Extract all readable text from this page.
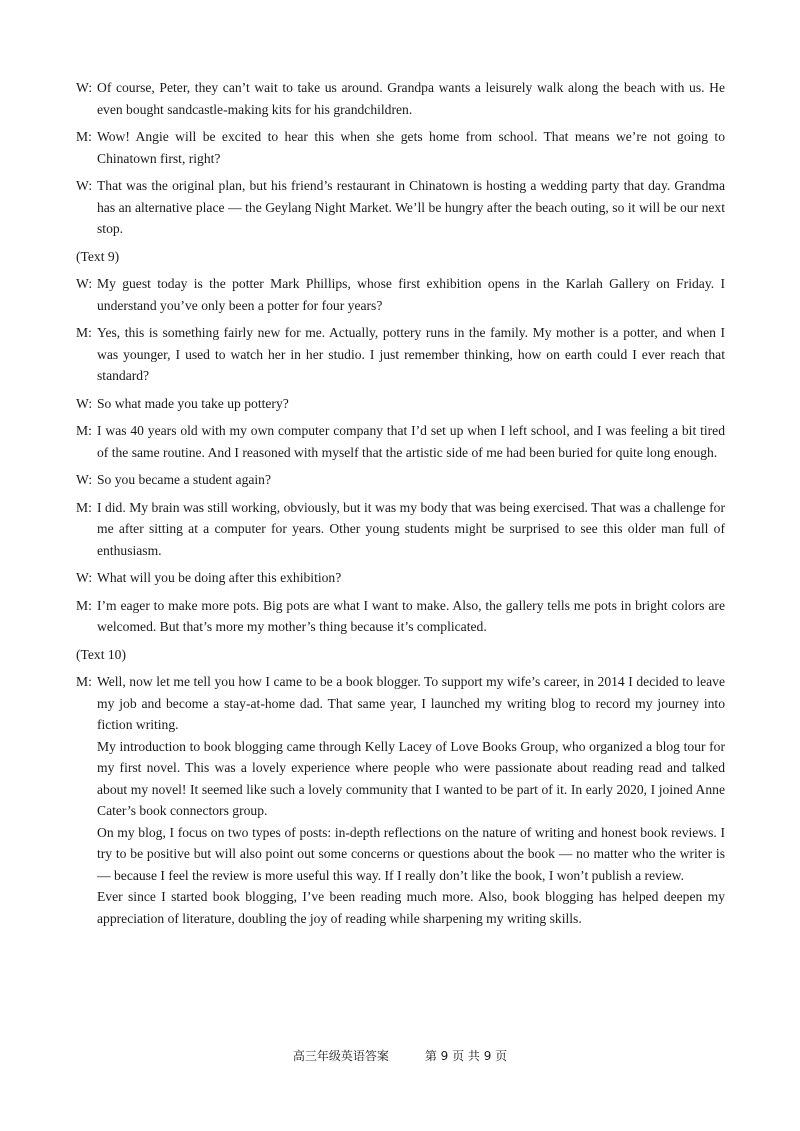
W: Of course, Peter, they can’t wait to take us around. Grandpa wants a leisurely walk along the beach with us. He even bought sandcastle-making kits for his grandchildren.
M: Wow! Angie will be excited to hear this when she gets home from school. That means we’re not going to Chinatown first, right?
W: That was the original plan, but his friend’s restaurant in Chinatown is hosting a wedding party that day. Grandma has an alternative place — the Geylang Night Market. We’ll be hungry after the beach outing, so it will be our next stop.
(Text 9)
W: My guest today is the potter Mark Phillips, whose first exhibition opens in the Karlah Gallery on Friday. I understand you’ve only been a potter for four years?
M: Yes, this is something fairly new for me. Actually, pottery runs in the family. My mother is a potter, and when I was younger, I used to watch her in her studio. I just remember thinking, how on earth could I ever reach that standard?
W: So what made you take up pottery?
M: I was 40 years old with my own computer company that I’d set up when I left school, and I was feeling a bit tired of the same routine. And I reasoned with myself that the artistic side of me had been buried for quite long enough.
W: So you became a student again?
M: I did. My brain was still working, obviously, but it was my body that was being exercised. That was a challenge for me after sitting at a computer for years. Other young students might be surprised to see this older man full of enthusiasm.
W: What will you be doing after this exhibition?
M: I’m eager to make more pots. Big pots are what I want to make. Also, the gallery tells me pots in bright colors are welcomed. But that’s more my mother’s thing because it’s complicated.
(Text 10)
M: Well, now let me tell you how I came to be a book blogger. To support my wife’s career, in 2014 I decided to leave my job and become a stay-at-home dad. That same year, I launched my writing blog to record my journey into fiction writing.
My introduction to book blogging came through Kelly Lacey of Love Books Group, who organized a blog tour for my first novel. This was a lovely experience where people who were passionate about reading read and talked about my novel! It seemed like such a lovely community that I wanted to be part of it. In early 2020, I joined Anne Cater’s book connectors group.
On my blog, I focus on two types of posts: in-depth reflections on the nature of writing and honest book reviews. I try to be positive but will also point out some concerns or questions about the book — no matter who the writer is — because I feel the review is more useful this way. If I really don’t like the book, I won’t publish a review.
Ever since I started book blogging, I’ve been reading much more. Also, book blogging has helped deepen my appreciation of literature, doubling the joy of reading while sharpening my writing skills.
高三年级英语答案	第 9 页 共 9 页
